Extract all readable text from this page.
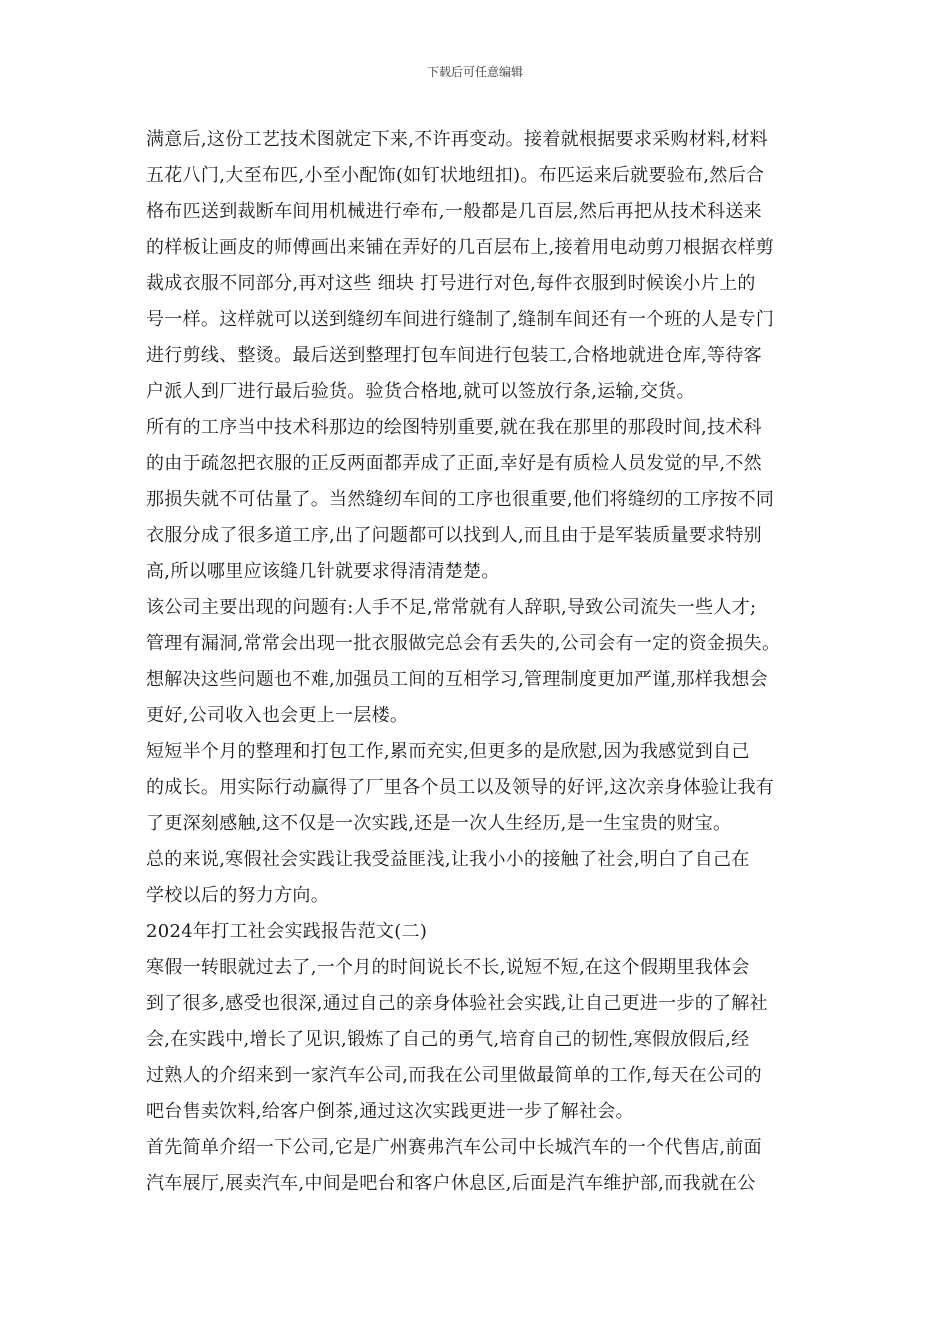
下载后可任意编辑
满意后,这份工艺技术图就定下来,不许再变动。接着就根据要求采购材料,材料
五花八门,大至布匹,小至小配饰(如钉状地纽扣)。布匹运来后就要验布,然后合
格布匹送到裁断车间用机械进行牵布,一般都是几百层,然后再把从技术科送来
的样板让画皮的师傅画出来铺在弄好的几百层布上,接着用电动剪刀根据衣样剪
裁成衣服不同部分,再对这些 细块 打号进行对色,每件衣服到时候诶小片上的
号一样。这样就可以送到缝纫车间进行缝制了,缝制车间还有一个班的人是专门
进行剪线、整烫。最后送到整理打包车间进行包装工,合格地就进仓库,等待客
户派人到厂进行最后验货。验货合格地,就可以签放行条,运输,交货。
所有的工序当中技术科那边的绘图特别重要,就在我在那里的那段时间,技术科
的由于疏忽把衣服的正反两面都弄成了正面,幸好是有质检人员发觉的早,不然
那损失就不可估量了。当然缝纫车间的工序也很重要,他们将缝纫的工序按不同
衣服分成了很多道工序,出了问题都可以找到人,而且由于是军装质量要求特别
高,所以哪里应该缝几针就要求得清清楚楚。
该公司主要出现的问题有:人手不足,常常就有人辞职,导致公司流失一些人才;
管理有漏洞,常常会出现一批衣服做完总会有丢失的,公司会有一定的资金损失。
想解决这些问题也不难,加强员工间的互相学习,管理制度更加严谨,那样我想会
更好,公司收入也会更上一层楼。
短短半个月的整理和打包工作,累而充实,但更多的是欣慰,因为我感觉到自己
的成长。用实际行动赢得了厂里各个员工以及领导的好评,这次亲身体验让我有
了更深刻感触,这不仅是一次实践,还是一次人生经历,是一生宝贵的财宝。
总的来说,寒假社会实践让我受益匪浅,让我小小的接触了社会,明白了自己在
学校以后的努力方向。
2024年打工社会实践报告范文(二)
寒假一转眼就过去了,一个月的时间说长不长,说短不短,在这个假期里我体会
到了很多,感受也很深,通过自己的亲身体验社会实践,让自己更进一步的了解社
会,在实践中,增长了见识,锻炼了自己的勇气,培育自己的韧性,寒假放假后,经
过熟人的介绍来到一家汽车公司,而我在公司里做最简单的工作,每天在公司的
吧台售卖饮料,给客户倒茶,通过这次实践更进一步了解社会。
首先简单介绍一下公司,它是广州赛弗汽车公司中长城汽车的一个代售店,前面
汽车展厅,展卖汽车,中间是吧台和客户休息区,后面是汽车维护部,而我就在公
